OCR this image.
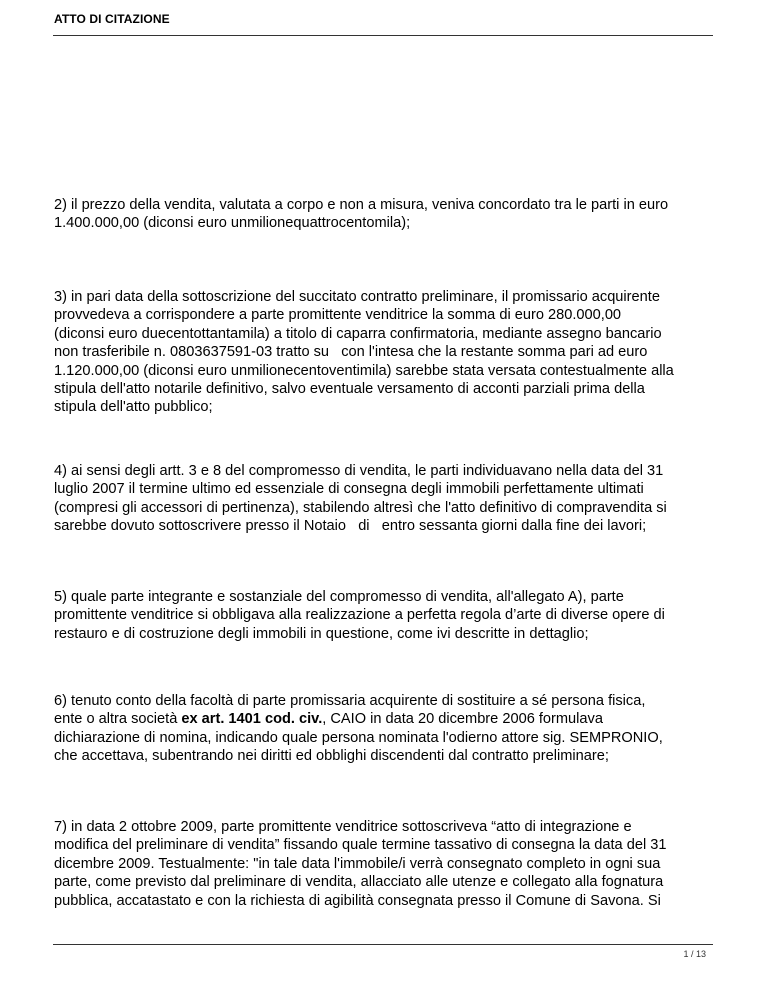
ATTO DI CITAZIONE
2) il prezzo della vendita, valutata a corpo e non a misura, veniva concordato tra le parti in euro
1.400.000,00 (diconsi euro unmilionequattrocentomila);
3) in pari data della sottoscrizione del succitato contratto preliminare, il promissario acquirente
provvedeva a corrispondere a parte promittente venditrice la somma di euro 280.000,00
(diconsi euro duecentottantamila) a titolo di caparra confirmatoria, mediante assegno bancario
non trasferibile n. 0803637591-03 tratto su   con l'intesa che la restante somma pari ad euro
1.120.000,00 (diconsi euro unmilionecentoventimila) sarebbe stata versata contestualmente alla
stipula dell'atto notarile definitivo, salvo eventuale versamento di acconti parziali prima della
stipula dell'atto pubblico;
4) ai sensi degli artt. 3 e 8 del compromesso di vendita, le parti individuavano nella data del 31
luglio 2007 il termine ultimo ed essenziale di consegna degli immobili perfettamente ultimati
(compresi gli accessori di pertinenza), stabilendo altresì che l'atto definitivo di compravendita si
sarebbe dovuto sottoscrivere presso il Notaio   di   entro sessanta giorni dalla fine dei lavori;
5) quale parte integrante e sostanziale del compromesso di vendita, all'allegato A), parte
promittente venditrice si obbligava alla realizzazione a perfetta regola d’arte di diverse opere di
restauro e di costruzione degli immobili in questione, come ivi descritte in dettaglio;
6) tenuto conto della facoltà di parte promissaria acquirente di sostituire a sé persona fisica,
ente o altra società ex art. 1401 cod. civ., CAIO in data 20 dicembre 2006 formulava
dichiarazione di nomina, indicando quale persona nominata l'odierno attore sig. SEMPRONIO,
che accettava, subentrando nei diritti ed obblighi discendenti dal contratto preliminare;
7) in data 2 ottobre 2009, parte promittente venditrice sottoscriveva “atto di integrazione e
modifica del preliminare di vendita” fissando quale termine tassativo di consegna la data del 31
dicembre 2009. Testualmente: "in tale data l'immobile/i verrà consegnato completo in ogni sua
parte, come previsto dal preliminare di vendita, allacciato alle utenze e collegato alla fognatura
pubblica, accatastato e con la richiesta di agibilità consegnata presso il Comune di Savona. Si
1 / 13
